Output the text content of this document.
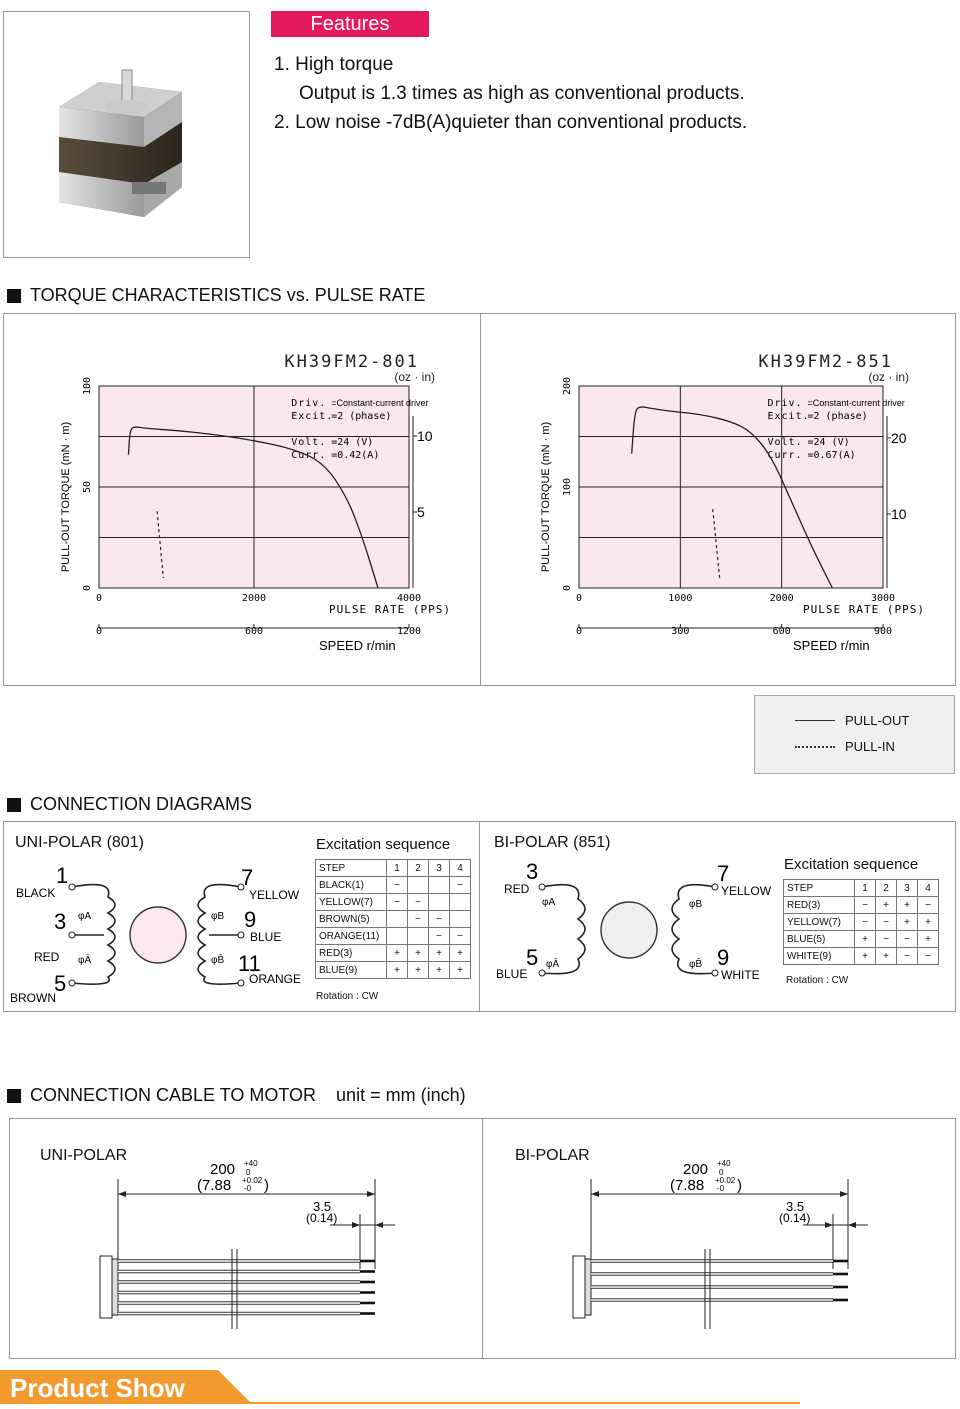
Features
1. High torque
Output is 1.3 times as high as conventional products.
2. Low noise -7dB(A)quieter than conventional products.
TORQUE CHARACTERISTICS vs. PULSE RATE
KH39FM2-801
(oz · in)
0	2000	4000
PULSE RATE (PPS)
0
50
100
PULL-OUT TORQUE (mN · m)	5
10
0	600	1200
SPEED r/min
Driv. =Constant-current driver
Excit.
=2 (phase)
Volt. =24 (V)
Curr. =0.42(A)
KH39FM2-851
(oz · in)
0	1000	2000	3000
PULSE RATE (PPS)
0
100
200
PULL-OUT TORQUE (mN · m)	10
20
0	300	600	900
SPEED r/min
Driv. =Constant-current driver
Excit.
=2 (phase)
Volt. =24 (V)
Curr. =0.67(A)
PULL-OUT
PULL-IN
CONNECTION DIAGRAMS
UNI-POLAR (801)
1
BLACK
3
RED
5
BROWN
φA
φĀ
7
YELLOW
9
BLUE
11
ORANGE
φB
φB̄
Excitation sequence
STEP	1	2	3	4
BLACK(1)	−			−
YELLOW(7)	−	−		
BROWN(5)		−	−	
ORANGE(11)			−	−
RED(3)	+	+	+	+
BLUE(9)	+	+	+	+
Rotation : CW
BI-POLAR (851)
3
RED
5
BLUE
φA
φĀ
7
YELLOW
9
WHITE
φB
φB̄
Excitation sequence
STEP	1	2	3	4
RED(3)	−	+	+	−
YELLOW(7)	−	−	+	+
BLUE(5)	+	−	−	+
WHITE(9)	+	+	−	−
Rotation : CW
CONNECTION CABLE TO MOTOR unit = mm (inch)
UNI-POLAR	BI-POLAR
200 +40
0
(7.88 +0.02
-0 )
3.5
(0.14)
200 +40
0
(7.88 +0.02
-0 )
3.5
(0.14)
Product Show
